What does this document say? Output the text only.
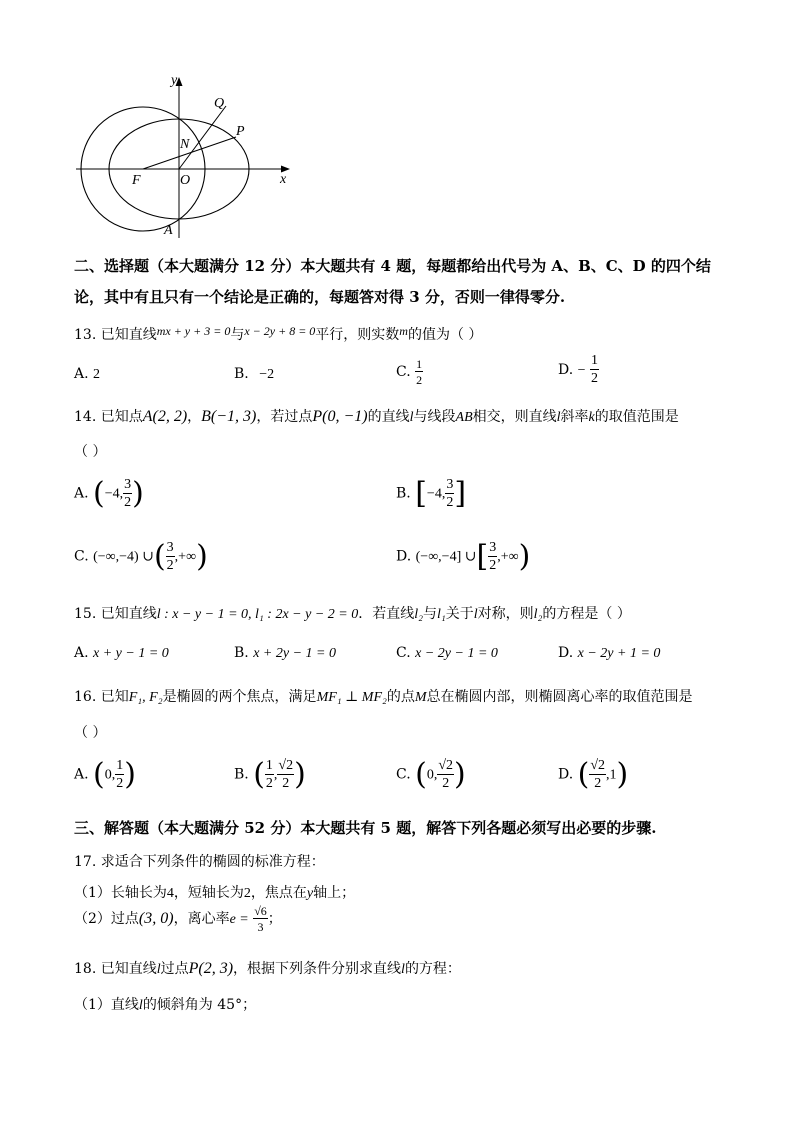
y
Q
P
N
F	O	x
A
二、选择题（本大题满分 12 分）本大题共有 4 题，每题都给出代号为 A、B、C、D 的四个结
论，其中有且只有一个结论是正确的，每题答对得 3 分，否则一律得零分.
13. 已知直线mx + y + 3 = 0与x − 2y + 8 = 0平行，则实数m的值为（ ）
A. 2	B. −2	C. $\frac{1}{2}$	D. − $\frac{1}{2}$
14. 已知点A(2, 2)，B(−1, 3)，若过点P(0, −1)的直线l与线段AB相交，则直线l斜率k的取值范围是
（ ）
A. (−4, $\frac{3}{2}$ )	B. [−4, $\frac{3}{2}$ ]
C. (−∞,−4) ∪( $\frac{3}{2}$ ,+∞)	D. (−∞,−4] ∪[ $\frac{3}{2}$ ,+∞)
15. 已知直线l : x − y − 1 = 0, l₁ : 2x − y − 2 = 0．若直线l₂与l₁关于l对称，则l₂的方程是（ ）
A. x + y − 1 = 0	B. x + 2y − 1 = 0	C. x − 2y − 1 = 0	D. x − 2y + 1 = 0
16. 已知F₁, F₂是椭圆的两个焦点，满足MF₁ ⊥ MF₂的点M总在椭圆内部，则椭圆离心率的取值范围是
（ ）
A. (0, $\frac{1}{2}$ )	B. ( $\frac{1}{2}$ , $\frac{√2}{2}$ )	C. (0, $\frac{√2}{2}$ )	D. ( $\frac{√2}{2} ,1$)
三、解答题（本大题满分 52 分）本大题共有 5 题，解答下列各题必须写出必要的步骤.
17. 求适合下列条件的椭圆的标准方程：
（1）长轴长为4，短轴长为2，焦点在y轴上；
（2）过点(3, 0)，离心率$e = \frac{√6}{3}$ ；
18. 已知直线l过点P(2, 3)，根据下列条件分别求直线l的方程：
（1）直线l的倾斜角为 45°；
